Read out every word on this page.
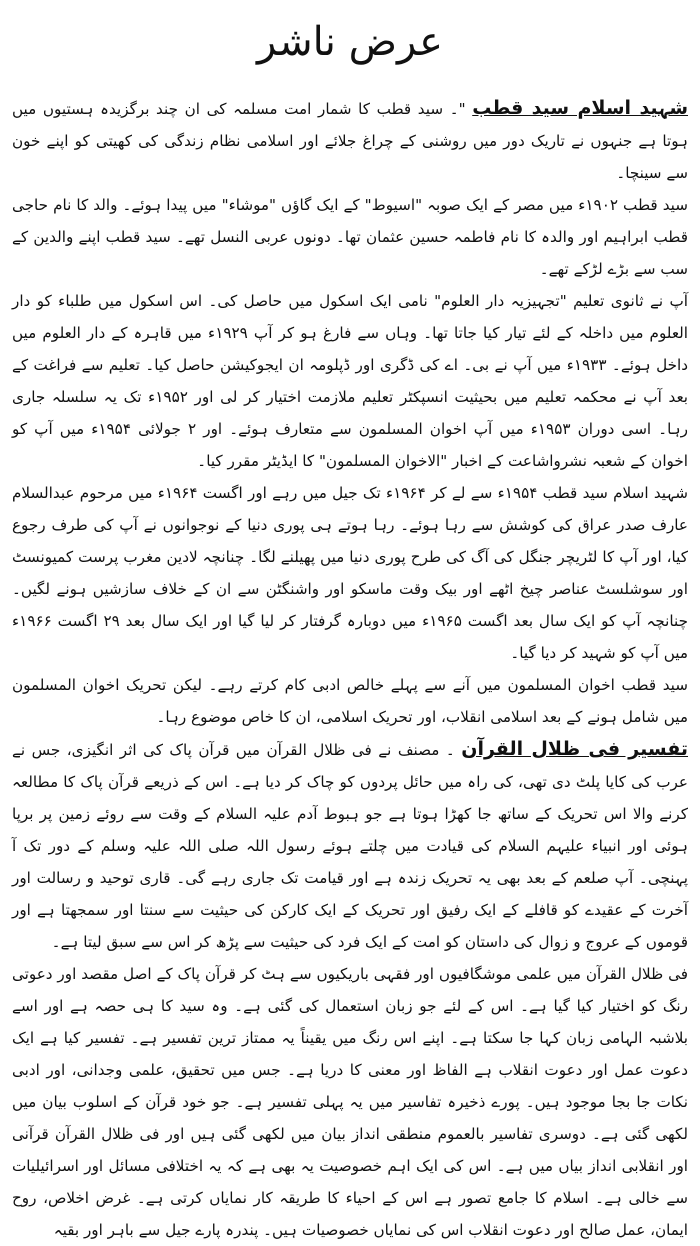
عرض ناشر

شہید اسلام سید قطب "۔ سید قطب کا شمار امت مسلمہ کی ان چند برگزیدہ ہستیوں میں ہوتا ہے جنہوں نے تاریک دور میں روشنی کے چراغ جلائے اور اسلامی نظام زندگی کی کھیتی کو اپنے خون سے سینچا۔

سید قطب ۱۹۰۲ء میں مصر کے ایک صوبہ "اسیوط" کے ایک گاؤں "موشاء" میں پیدا ہوئے۔ والد کا نام حاجی قطب ابراہیم اور والدہ کا نام فاطمہ حسین عثمان تھا۔ دونوں عربی النسل تھے۔ سید قطب اپنے والدین کے سب سے بڑے لڑکے تھے۔

آپ نے ثانوی تعلیم "تجہیزیہ دار العلوم" نامی ایک اسکول میں حاصل کی۔ اس اسکول میں طلباء کو دار العلوم میں داخلہ کے لئے تیار کیا جاتا تھا۔ وہاں سے فارغ ہو کر آپ ۱۹۲۹ء میں قاہرہ کے دار العلوم میں داخل ہوئے۔ ۱۹۳۳ء میں آپ نے بی۔ اے کی ڈگری اور ڈپلومہ ان ایجوکیشن حاصل کیا۔ تعلیم سے فراغت کے بعد آپ نے محکمہ تعلیم میں بحیثیت انسپکٹر تعلیم ملازمت اختیار کر لی اور ۱۹۵۲ء تک یہ سلسلہ جاری رہا۔ اسی دوران ۱۹۵۳ء میں آپ اخوان المسلمون سے متعارف ہوئے۔ اور ۲ جولائی ۱۹۵۴ء میں آپ کو اخوان کے شعبہ نشرواشاعت کے اخبار "الاخوان المسلمون" کا ایڈیٹر مقرر کیا۔

شہید اسلام سید قطب ۱۹۵۴ء سے لے کر ۱۹۶۴ء تک جیل میں رہے اور اگست ۱۹۶۴ء میں مرحوم عبدالسلام عارف صدر عراق کی کوشش سے رہا ہوئے۔ رہا ہوتے ہی پوری دنیا کے نوجوانوں نے آپ کی طرف رجوع کیا، اور آپ کا لٹریچر جنگل کی آگ کی طرح پوری دنیا میں پھیلنے لگا۔ چنانچہ لادین مغرب پرست کمیونسٹ اور سوشلسٹ عناصر چیخ اٹھے اور بیک وقت ماسکو اور واشنگٹن سے ان کے خلاف سازشیں ہونے لگیں۔ چنانچہ آپ کو ایک سال بعد اگست ۱۹۶۵ء میں دوبارہ گرفتار کر لیا گیا اور ایک سال بعد ۲۹ اگست ۱۹۶۶ء میں آپ کو شہید کر دیا گیا۔

سید قطب اخوان المسلمون میں آنے سے پہلے خالص ادبی کام کرتے رہے۔ لیکن تحریک اخوان المسلمون میں شامل ہونے کے بعد اسلامی انقلاب، اور تحریک اسلامی، ان کا خاص موضوع رہا۔

تفسیر فی ظلال القرآن ۔ مصنف نے فی ظلال القرآن میں قرآن پاک کی اثر انگیزی، جس نے عرب کی کایا پلٹ دی تھی، کی راہ میں حائل پردوں کو چاک کر دیا ہے۔ اس کے ذریعے قرآن پاک کا مطالعہ کرنے والا اس تحریک کے ساتھ جا کھڑا ہوتا ہے جو ہبوط آدم علیہ السلام کے وقت سے روئے زمین پر برپا ہوئی اور انبیاء علیہم السلام کی قیادت میں چلتے ہوئے رسول اللہ صلی اللہ علیہ وسلم کے دور تک آ پہنچی۔ آپ صلعم کے بعد بھی یہ تحریک زندہ ہے اور قیامت تک جاری رہے گی۔ قاری توحید و رسالت اور آخرت کے عقیدے کو قافلے کے ایک رفیق اور تحریک کے ایک کارکن کی حیثیت سے سنتا اور سمجھتا ہے اور قوموں کے عروج و زوال کی داستان کو امت کے ایک فرد کی حیثیت سے پڑھ کر اس سے سبق لیتا ہے۔

فی ظلال القرآن میں علمی موشگافیوں اور فقہی باریکیوں سے ہٹ کر قرآن پاک کے اصل مقصد اور دعوتی رنگ کو اختیار کیا گیا ہے۔ اس کے لئے جو زبان استعمال کی گئی ہے۔ وہ سید کا ہی حصہ ہے اور اسے بلاشبہ الہامی زبان کہا جا سکتا ہے۔ اپنے اس رنگ میں یقیناً یہ ممتاز ترین تفسیر ہے۔ تفسیر کیا ہے ایک دعوت عمل اور دعوت انقلاب ہے الفاظ اور معنی کا دریا ہے۔ جس میں تحقیق، علمی وجدانی، اور ادبی نکات جا بجا موجود ہیں۔ پورے ذخیرہ تفاسیر میں یہ پہلی تفسیر ہے۔ جو خود قرآن کے اسلوب بیان میں لکھی گئی ہے۔ دوسری تفاسیر بالعموم منطقی انداز بیان میں لکھی گئی ہیں اور فی ظلال القرآن قرآنی اور انقلابی انداز بیاں میں ہے۔ اس کی ایک اہم خصوصیت یہ بھی ہے کہ یہ اختلافی مسائل اور اسرائیلیات سے خالی ہے۔ اسلام کا جامع تصور ہے اس کے احیاء کا طریقہ کار نمایاں کرتی ہے۔ غرض اخلاص، روح ایمان، عمل صالح اور دعوت انقلاب اس کی نمایاں خصوصیات ہیں۔ پندرہ پارے جیل سے باہر اور بقیہ
